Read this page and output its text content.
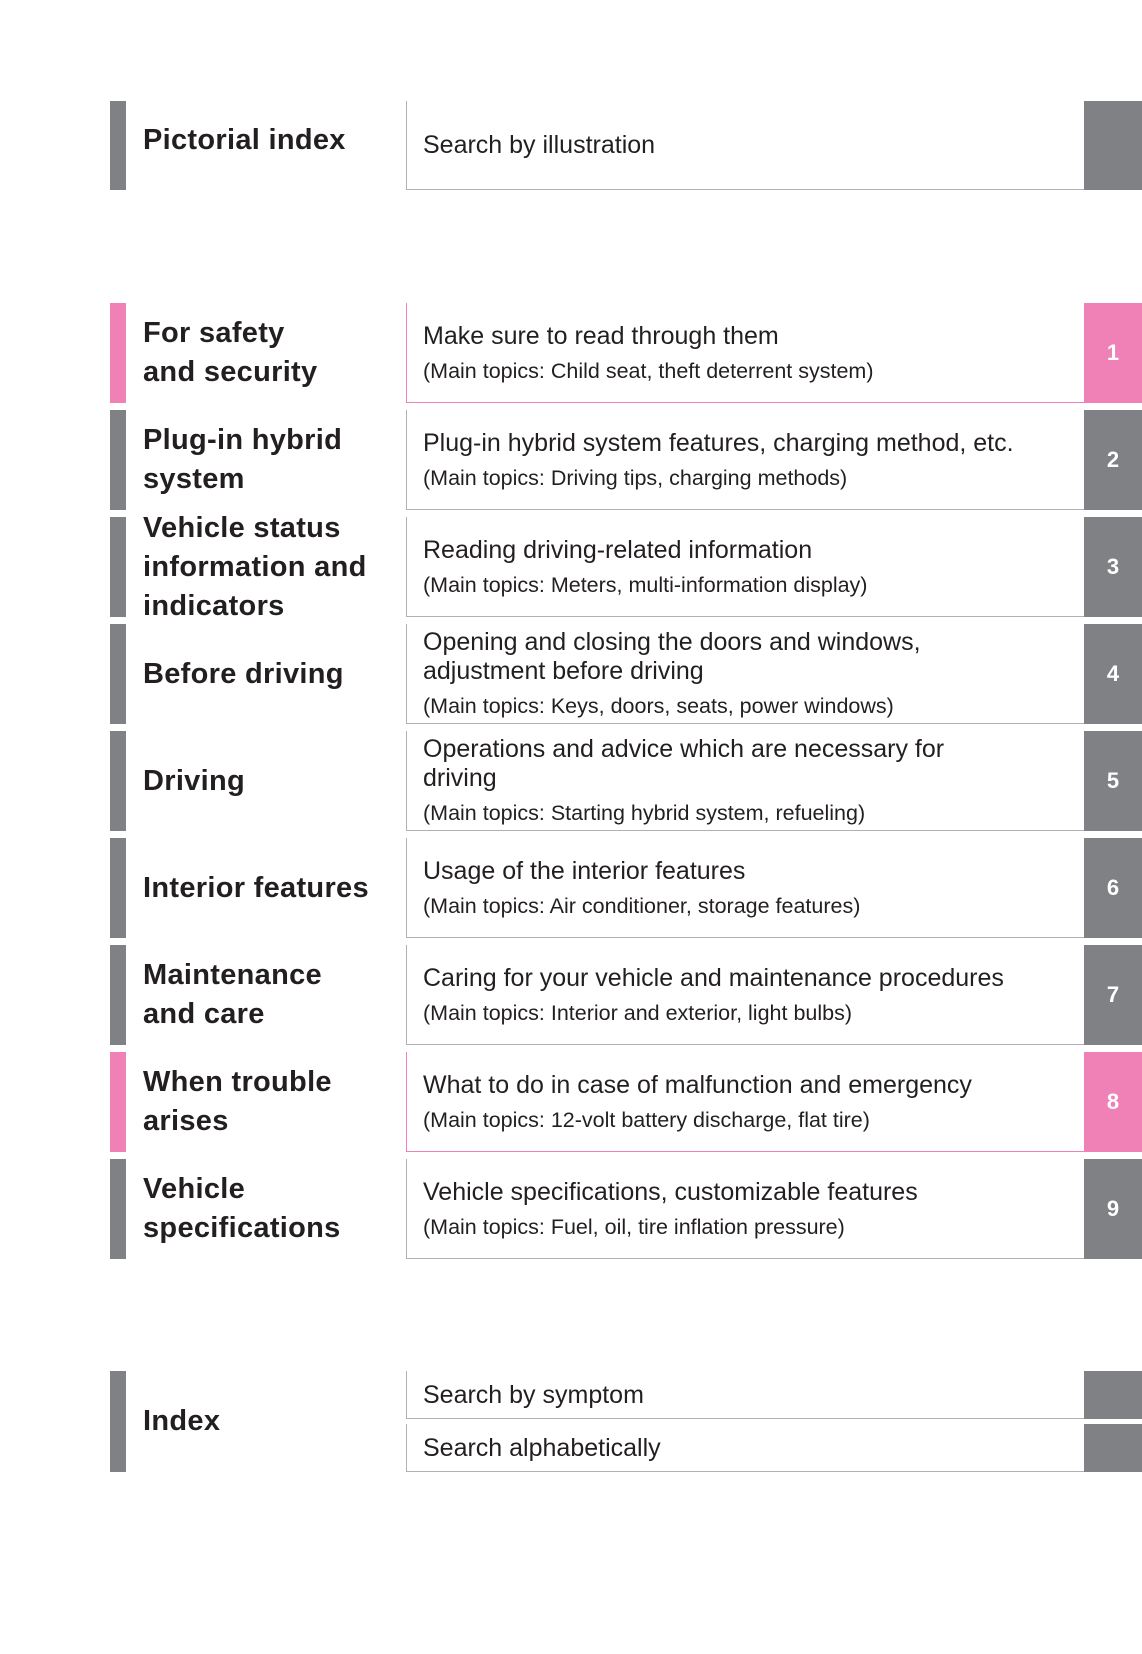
Pictorial index	Search by illustration
For safety
and security
Make sure to read through them
(Main topics: Child seat, theft deterrent system)
1
Plug-in hybrid
system
Plug-in hybrid system features, charging method, etc.
(Main topics: Driving tips, charging methods)
2
Vehicle status
information and
indicators
Reading driving-related information
(Main topics: Meters, multi-information display)
3
Before driving
Opening and closing the doors and windows,
adjustment before driving
(Main topics: Keys, doors, seats, power windows)
4
Driving
Operations and advice which are necessary for
driving
(Main topics: Starting hybrid system, refueling)
5
Interior features
Usage of the interior features
(Main topics: Air conditioner, storage features)
6
Maintenance
and care
Caring for your vehicle and maintenance procedures
(Main topics: Interior and exterior, light bulbs)
7
When trouble
arises
What to do in case of malfunction and emergency
(Main topics: 12-volt battery discharge, flat tire)
8
Vehicle
specifications
Vehicle specifications, customizable features
(Main topics: Fuel, oil, tire inflation pressure)
9
Index
Search by symptom
Search alphabetically
